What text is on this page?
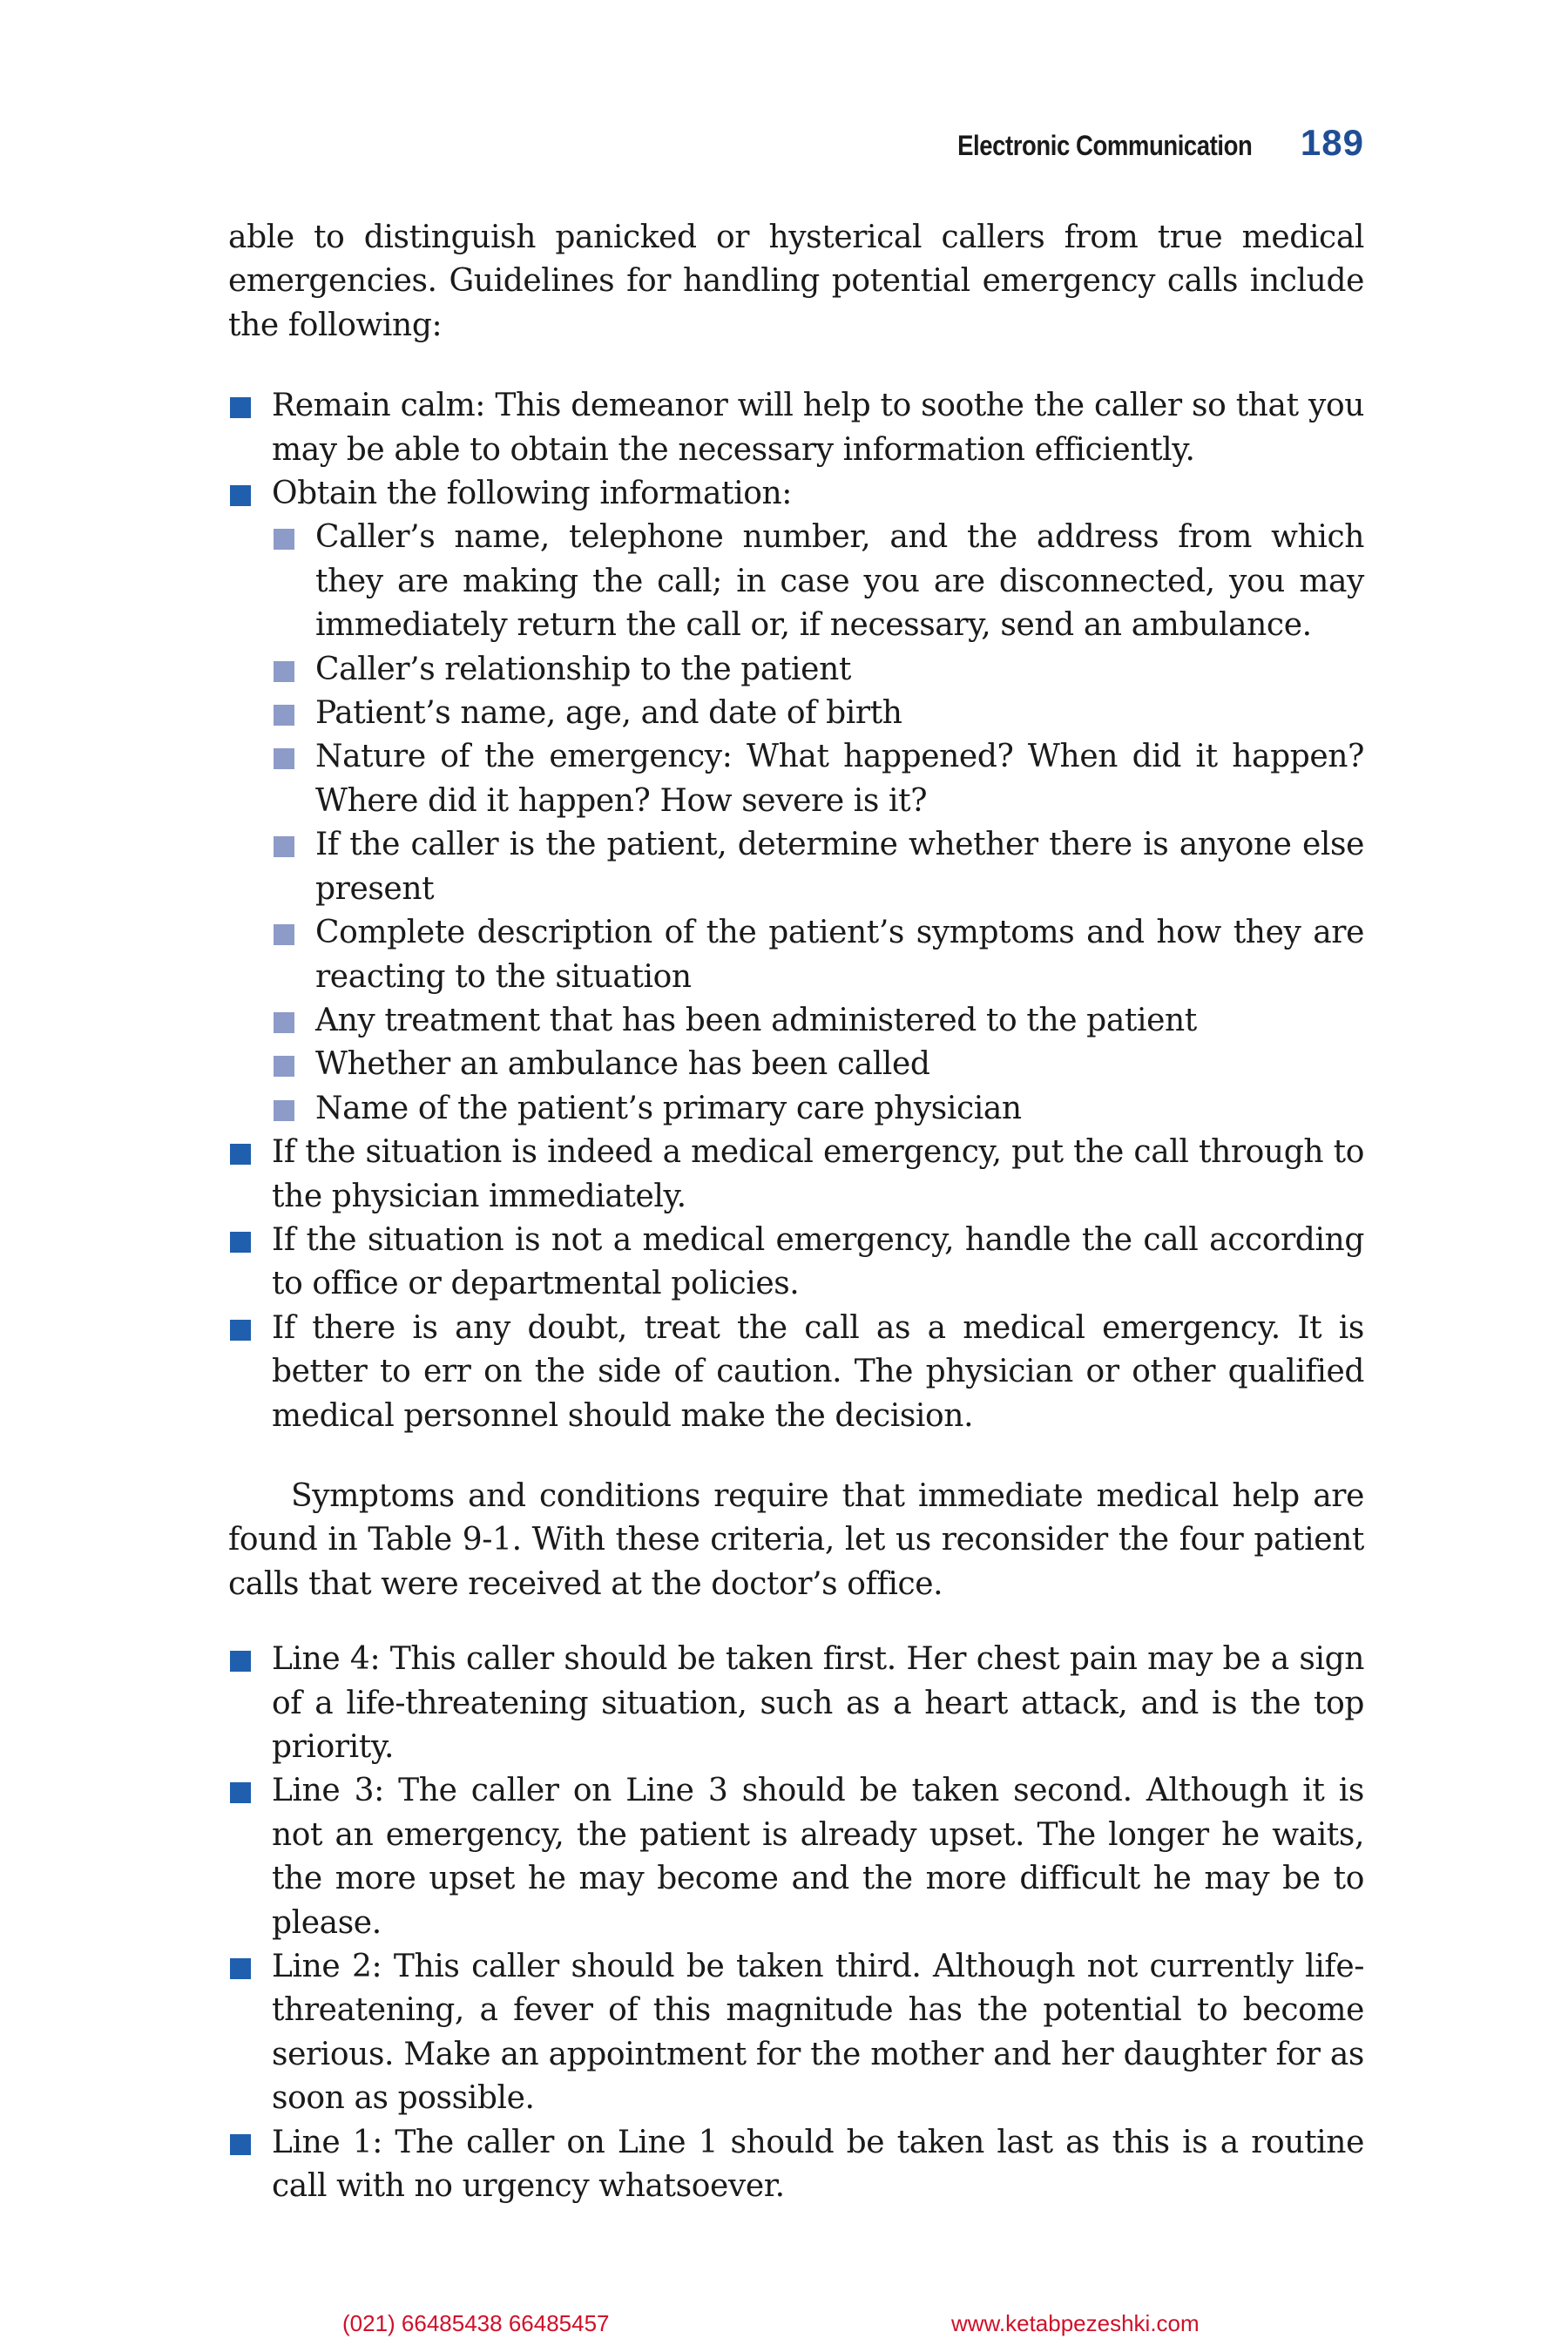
Electronic Communication 189

able to distinguish panicked or hysterical callers from true medical emergencies. Guidelines for handling potential emergency calls include the following:

Remain calm: This demeanor will help to soothe the caller so that you may be able to obtain the necessary information efficiently.
Obtain the following information:
Caller’s name, telephone number, and the address from which they are making the call; in case you are disconnected, you may immediately return the call or, if necessary, send an ambulance.
Caller’s relationship to the patient
Patient’s name, age, and date of birth
Nature of the emergency: What happened? When did it happen? Where did it happen? How severe is it?
If the caller is the patient, determine whether there is anyone else present
Complete description of the patient’s symptoms and how they are reacting to the situation
Any treatment that has been administered to the patient
Whether an ambulance has been called
Name of the patient’s primary care physician
If the situation is indeed a medical emergency, put the call through to the physician immediately.
If the situation is not a medical emergency, handle the call according to office or departmental policies.
If there is any doubt, treat the call as a medical emergency. It is better to err on the side of caution. The physician or other qualified medical personnel should make the decision.

Symptoms and conditions require that immediate medical help are found in Table 9-1. With these criteria, let us reconsider the four patient calls that were received at the doctor’s office.

Line 4: This caller should be taken first. Her chest pain may be a sign of a life-threatening situation, such as a heart attack, and is the top priority.
Line 3: The caller on Line 3 should be taken second. Although it is not an emergency, the patient is already upset. The longer he waits, the more upset he may become and the more difficult he may be to please.
Line 2: This caller should be taken third. Although not currently life-threatening, a fever of this magnitude has the potential to become serious. Make an appointment for the mother and her daughter for as soon as possible.
Line 1: The caller on Line 1 should be taken last as this is a routine call with no urgency whatsoever.
(021) 66485438 66485457	www.ketabpezeshki.com
